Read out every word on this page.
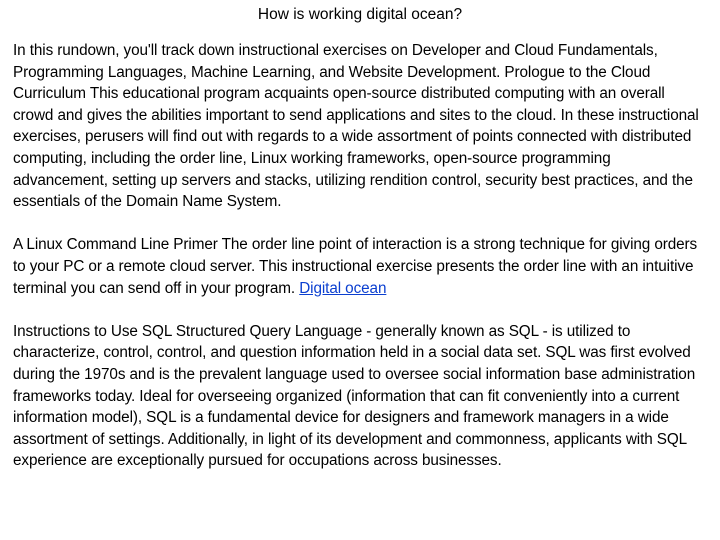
How is working digital ocean?

In this rundown, you'll track down instructional exercises on Developer and Cloud Fundamentals, Programming Languages, Machine Learning, and Website Development. Prologue to the Cloud Curriculum This educational program acquaints open-source distributed computing with an overall crowd and gives the abilities important to send applications and sites to the cloud. In these instructional exercises, perusers will find out with regards to a wide assortment of points connected with distributed computing, including the order line, Linux working frameworks, open-source programming advancement, setting up servers and stacks, utilizing rendition control, security best practices, and the essentials of the Domain Name System.

A Linux Command Line Primer The order line point of interaction is a strong technique for giving orders to your PC or a remote cloud server. This instructional exercise presents the order line with an intuitive terminal you can send off in your program. Digital ocean

Instructions to Use SQL Structured Query Language - generally known as SQL - is utilized to characterize, control, control, and question information held in a social data set. SQL was first evolved during the 1970s and is the prevalent language used to oversee social information base administration frameworks today. Ideal for overseeing organized (information that can fit conveniently into a current information model), SQL is a fundamental device for designers and framework managers in a wide assortment of settings. Additionally, in light of its development and commonness, applicants with SQL experience are exceptionally pursued for occupations across businesses.
